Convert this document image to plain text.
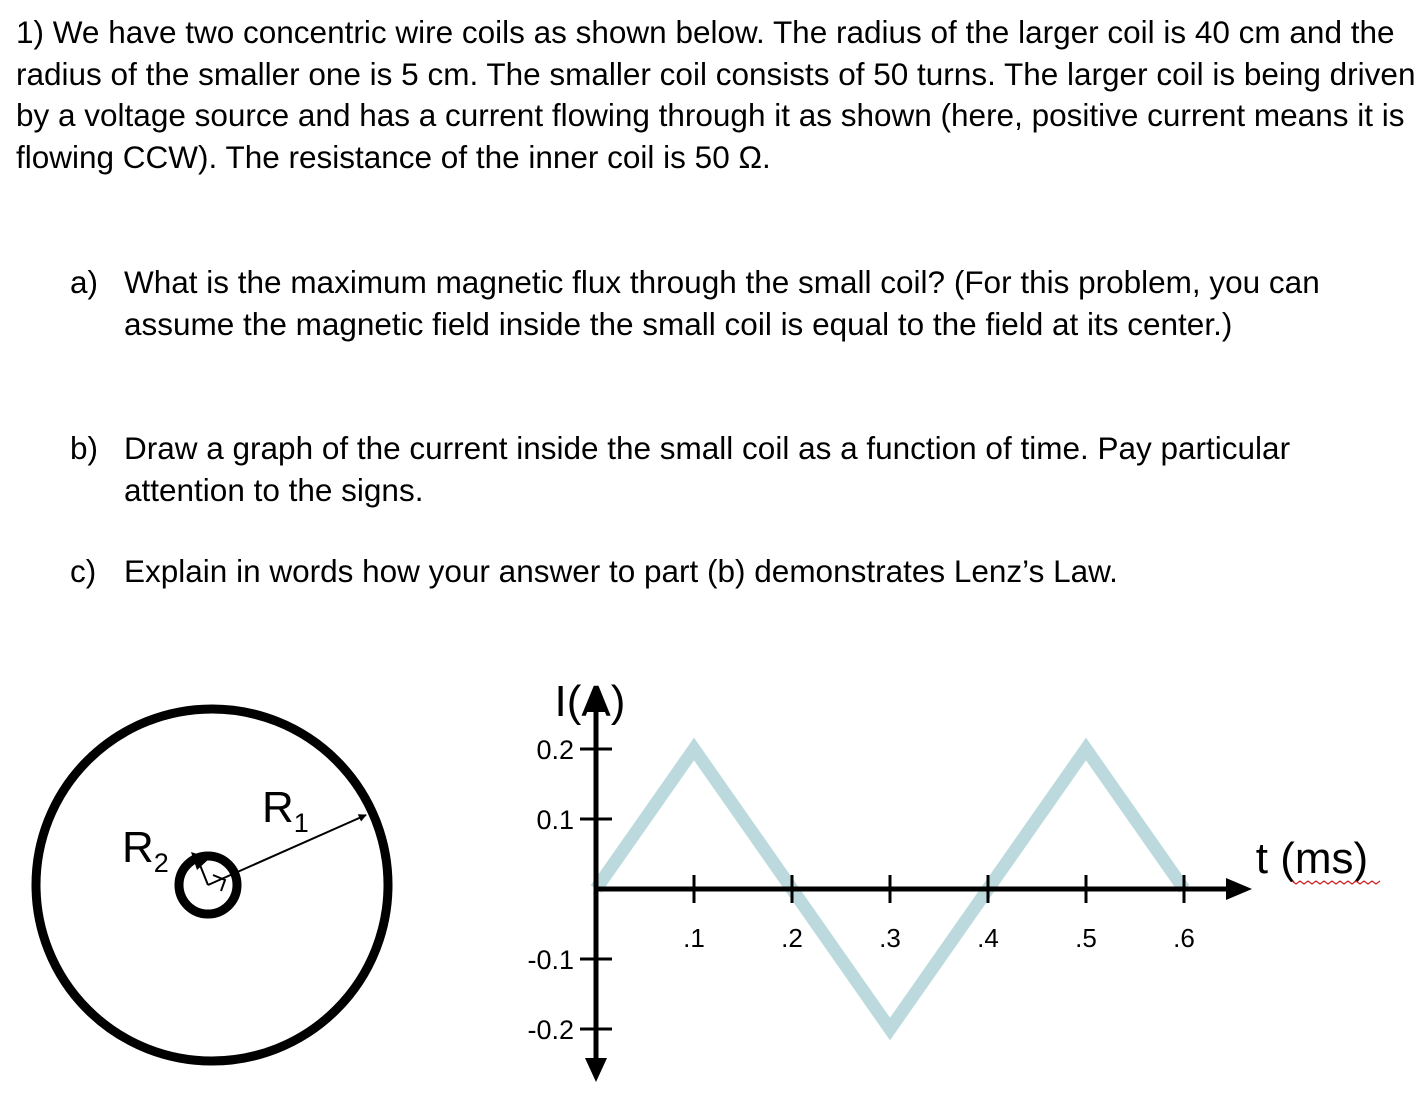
1) We have two concentric wire coils as shown below. The radius of the larger coil is 40 cm and the radius of the smaller one is 5 cm. The smaller coil consists of 50 turns. The larger coil is being driven by a voltage source and has a current flowing through it as shown (here, positive current means it is flowing CCW). The resistance of the inner coil is 50 Ω.

a) What is the maximum magnetic flux through the small coil? (For this problem, you can assume the magnetic field inside the small coil is equal to the field at its center.)
b) Draw a graph of the current inside the small coil as a function of time. Pay particular attention to the signs.
c) Explain in words how your answer to part (b) demonstrates Lenz’s Law.
$R_1$
$R_2$
.1	.2	.3	.4	.5	.6
0.2
0.1
-0.1
-0.2
I(A)
t (ms)
